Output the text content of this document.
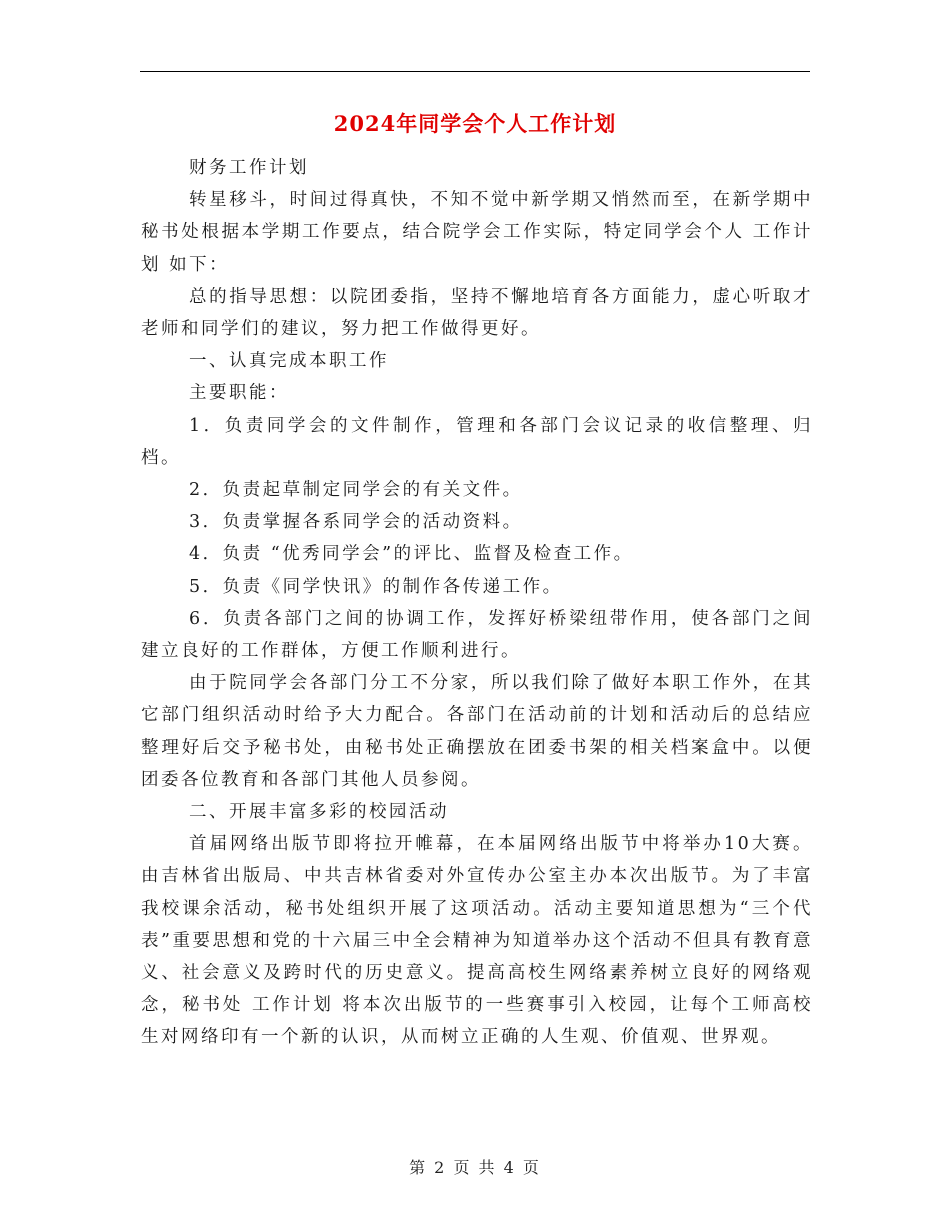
2024年同学会个人工作计划

财务工作计划

转星移斗，时间过得真快，不知不觉中新学期又悄然而至，在新学期中秘书处根据本学期工作要点，结合院学会工作实际，特定同学会个人 工作计划 如下：

总的指导思想：以院团委指，坚持不懈地培育各方面能力，虚心听取才老师和同学们的建议，努力把工作做得更好。

一、认真完成本职工作

主要职能：

1．负责同学会的文件制作，管理和各部门会议记录的收信整理、归档。

2．负责起草制定同学会的有关文件。

3．负责掌握各系同学会的活动资料。

4．负责 “优秀同学会”的评比、监督及检查工作。

5．负责《同学快讯》的制作各传递工作。

6．负责各部门之间的协调工作，发挥好桥梁纽带作用，使各部门之间建立良好的工作群体，方便工作顺利进行。

由于院同学会各部门分工不分家，所以我们除了做好本职工作外，在其它部门组织活动时给予大力配合。各部门在活动前的计划和活动后的总结应整理好后交予秘书处，由秘书处正确摆放在团委书架的相关档案盒中。以便团委各位教育和各部门其他人员参阅。

二、开展丰富多彩的校园活动

首届网络出版节即将拉开帷幕，在本届网络出版节中将举办10大赛。由吉林省出版局、中共吉林省委对外宣传办公室主办本次出版节。为了丰富我校课余活动，秘书处组织开展了这项活动。活动主要知道思想为“三个代表”重要思想和党的十六届三中全会精神为知道举办这个活动不但具有教育意义、社会意义及跨时代的历史意义。提高高校生网络素养树立良好的网络观念，秘书处 工作计划 将本次出版节的一些赛事引入校园，让每个工师高校生对网络印有一个新的认识，从而树立正确的人生观、价值观、世界观。

第 2 页 共 4 页
